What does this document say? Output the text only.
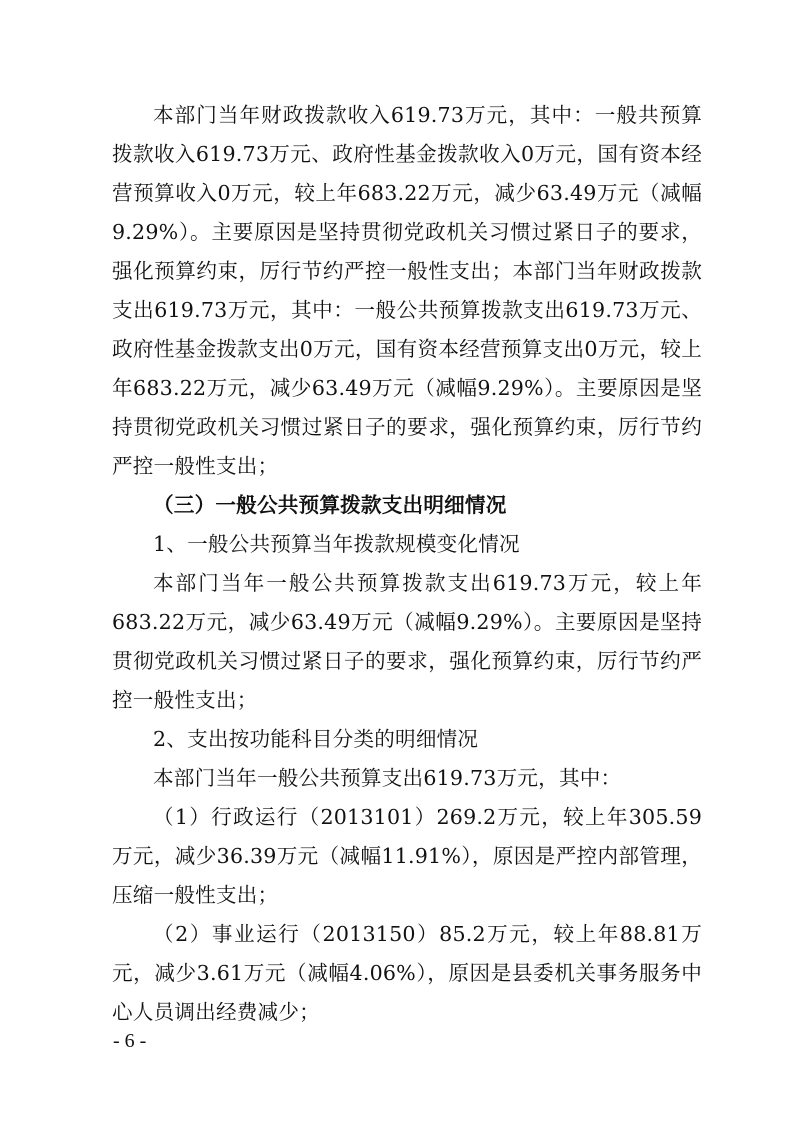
本部门当年财政拨款收入619.73万元，其中：一般共预算拨款收入619.73万元、政府性基金拨款收入0万元，国有资本经营预算收入0万元，较上年683.22万元，减少63.49万元（减幅9.29%）。主要原因是坚持贯彻党政机关习惯过紧日子的要求，强化预算约束，厉行节约严控一般性支出；本部门当年财政拨款支出619.73万元，其中：一般公共预算拨款支出619.73万元、政府性基金拨款支出0万元，国有资本经营预算支出0万元，较上年683.22万元，减少63.49万元（减幅9.29%）。主要原因是坚持贯彻党政机关习惯过紧日子的要求，强化预算约束，厉行节约严控一般性支出；

（三）一般公共预算拨款支出明细情况

1、一般公共预算当年拨款规模变化情况

本部门当年一般公共预算拨款支出619.73万元，较上年683.22万元，减少63.49万元（减幅9.29%）。主要原因是坚持贯彻党政机关习惯过紧日子的要求，强化预算约束，厉行节约严控一般性支出；

2、支出按功能科目分类的明细情况

本部门当年一般公共预算支出619.73万元，其中：

（1）行政运行（2013101）269.2万元，较上年305.59万元，减少36.39万元（减幅11.91%），原因是严控内部管理，压缩一般性支出；

（2）事业运行（2013150）85.2万元，较上年88.81万元，减少3.61万元（减幅4.06%），原因是县委机关事务服务中心人员调出经费减少；

- 6 -
